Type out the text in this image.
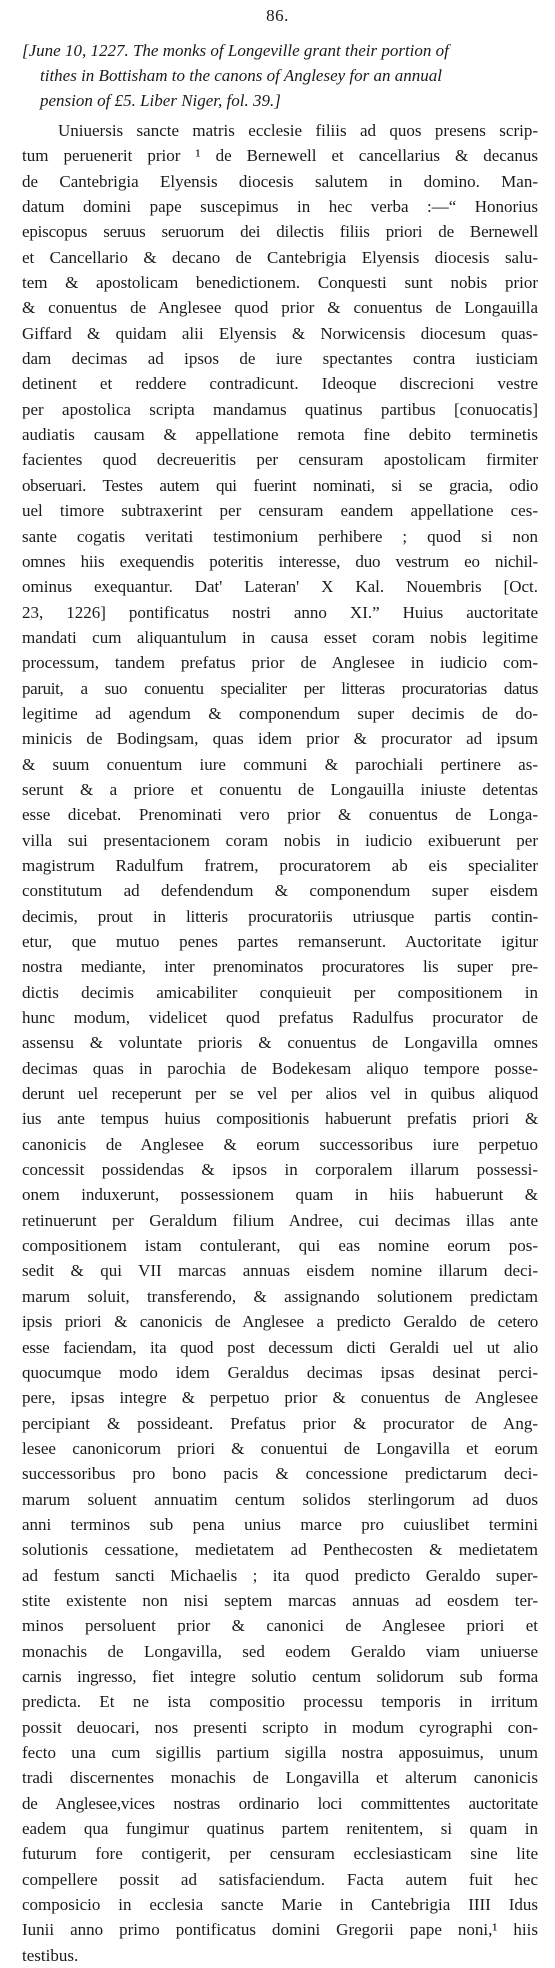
86.
[June 10, 1227. The monks of Longeville grant their portion of
tithes in Bottisham to the canons of Anglesey for an annual
pension of £5. Liber Niger, fol. 39.]
Uniuersis sancte matris ecclesie filiis ad quos presens scrip-
tum peruenerit prior ¹ de Bernewell et cancellarius & decanus
de Cantebrigia Elyensis diocesis salutem in domino. Man-
datum domini pape suscepimus in hec verba :—“ Honorius
episcopus seruus seruorum dei dilectis filiis priori de Bernewell
et Cancellario & decano de Cantebrigia Elyensis diocesis salu-
tem & apostolicam benedictionem. Conquesti sunt nobis prior
& conuentus de Anglesee quod prior & conuentus de Longauilla
Giffard & quidam alii Elyensis & Norwicensis diocesum quas-
dam decimas ad ipsos de iure spectantes contra iusticiam
detinent et reddere contradicunt. Ideoque discrecioni vestre
per apostolica scripta mandamus quatinus partibus [conuocatis]
audiatis causam & appellatione remota fine debito terminetis
facientes quod decreueritis per censuram apostolicam firmiter
obseruari. Testes autem qui fuerint nominati, si se gracia, odio
uel timore subtraxerint per censuram eandem appellatione ces-
sante cogatis veritati testimonium perhibere ; quod si non
omnes hiis exequendis poteritis interesse, duo vestrum eo nichil-
ominus exequantur. Dat' Lateran' X Kal. Nouembris [Oct.
23, 1226] pontificatus nostri anno XI.” Huius auctoritate
mandati cum aliquantulum in causa esset coram nobis legitime
processum, tandem prefatus prior de Anglesee in iudicio com-
paruit, a suo conuentu specialiter per litteras procuratorias datus
legitime ad agendum & componendum super decimis de do-
minicis de Bodingsam, quas idem prior & procurator ad ipsum
& suum conuentum iure communi & parochiali pertinere as-
serunt & a priore et conuentu de Longauilla iniuste detentas
esse dicebat. Prenominati vero prior & conuentus de Longa-
villa sui presentacionem coram nobis in iudicio exibuerunt per
magistrum Radulfum fratrem, procuratorem ab eis specialiter
constitutum ad defendendum & componendum super eisdem
decimis, prout in litteris procuratoriis utriusque partis contin-
etur, que mutuo penes partes remanserunt. Auctoritate igitur
nostra mediante, inter prenominatos procuratores lis super pre-
dictis decimis amicabiliter conquieuit per compositionem in
hunc modum, videlicet quod prefatus Radulfus procurator de
assensu & voluntate prioris & conuentus de Longavilla omnes
decimas quas in parochia de Bodekesam aliquo tempore posse-
derunt uel receperunt per se vel per alios vel in quibus aliquod
ius ante tempus huius compositionis habuerunt prefatis priori &
canonicis de Anglesee & eorum successoribus iure perpetuo
concessit possidendas & ipsos in corporalem illarum possessi-
onem induxerunt, possessionem quam in hiis habuerunt &
retinuerunt per Geraldum filium Andree, cui decimas illas ante
compositionem istam contulerant, qui eas nomine eorum pos-
sedit & qui VII marcas annuas eisdem nomine illarum deci-
marum soluit, transferendo, & assignando solutionem predictam
ipsis priori & canonicis de Anglesee a predicto Geraldo de cetero
esse faciendam, ita quod post decessum dicti Geraldi uel ut alio
quocumque modo idem Geraldus decimas ipsas desinat perci-
pere, ipsas integre & perpetuo prior & conuentus de Anglesee
percipiant & possideant. Prefatus prior & procurator de Ang-
lesee canonicorum priori & conuentui de Longavilla et eorum
successoribus pro bono pacis & concessione predictarum deci-
marum soluent annuatim centum solidos sterlingorum ad duos
anni terminos sub pena unius marce pro cuiuslibet termini
solutionis cessatione, medietatem ad Penthecosten & medietatem
ad festum sancti Michaelis ; ita quod predicto Geraldo super-
stite existente non nisi septem marcas annuas ad eosdem ter-
minos persoluent prior & canonici de Anglesee priori et
monachis de Longavilla, sed eodem Geraldo viam uniuerse
carnis ingresso, fiet integre solutio centum solidorum sub forma
predicta. Et ne ista compositio processu temporis in irritum
possit deuocari, nos presenti scripto in modum cyrographi con-
fecto una cum sigillis partium sigilla nostra apposuimus, unum
tradi discernentes monachis de Longavilla et alterum canonicis
de Anglesee,vices nostras ordinario loci committentes auctoritate
eadem qua fungimur quatinus partem renitentem, si quam in
futurum fore contigerit, per censuram ecclesiasticam sine lite
compellere possit ad satisfaciendum. Facta autem fuit hec
composicio in ecclesia sancte Marie in Cantebrigia IIII Idus
Iunii anno primo pontificatus domini Gregorii pape noni,¹ hiis
testibus.
